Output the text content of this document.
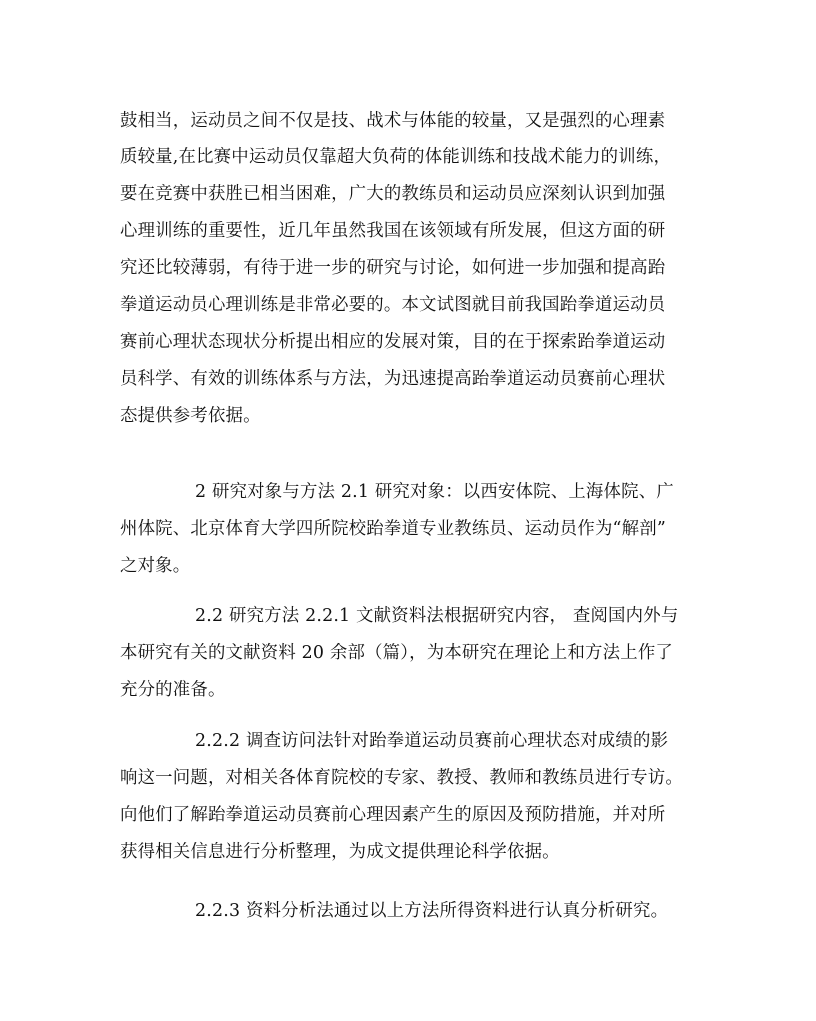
鼓相当，运动员之间不仅是技、战术与体能的较量，又是强烈的心理素
质较量,在比赛中运动员仅靠超大负荷的体能训练和技战术能力的训练，
要在竞赛中获胜已相当困难，广大的教练员和运动员应深刻认识到加强
心理训练的重要性，近几年虽然我国在该领域有所发展，但这方面的研
究还比较薄弱，有待于进一步的研究与讨论，如何进一步加强和提高跆
拳道运动员心理训练是非常必要的。本文试图就目前我国跆拳道运动员
赛前心理状态现状分析提出相应的发展对策，目的在于探索跆拳道运动
员科学、有效的训练体系与方法，为迅速提高跆拳道运动员赛前心理状
态提供参考依据。
2 研究对象与方法 2.1 研究对象：以西安体院、上海体院、广
州体院、北京体育大学四所院校跆拳道专业教练员、运动员作为“解剖”
之对象。
2.2 研究方法 2.2.1 文献资料法根据研究内容， 查阅国内外与
本研究有关的文献资料 20 余部（篇），为本研究在理论上和方法上作了
充分的准备。
2.2.2 调查访问法针对跆拳道运动员赛前心理状态对成绩的影
响这一问题，对相关各体育院校的专家、教授、教师和教练员进行专访。
向他们了解跆拳道运动员赛前心理因素产生的原因及预防措施，并对所
获得相关信息进行分析整理，为成文提供理论科学依据。
2.2.3 资料分析法通过以上方法所得资料进行认真分析研究。
